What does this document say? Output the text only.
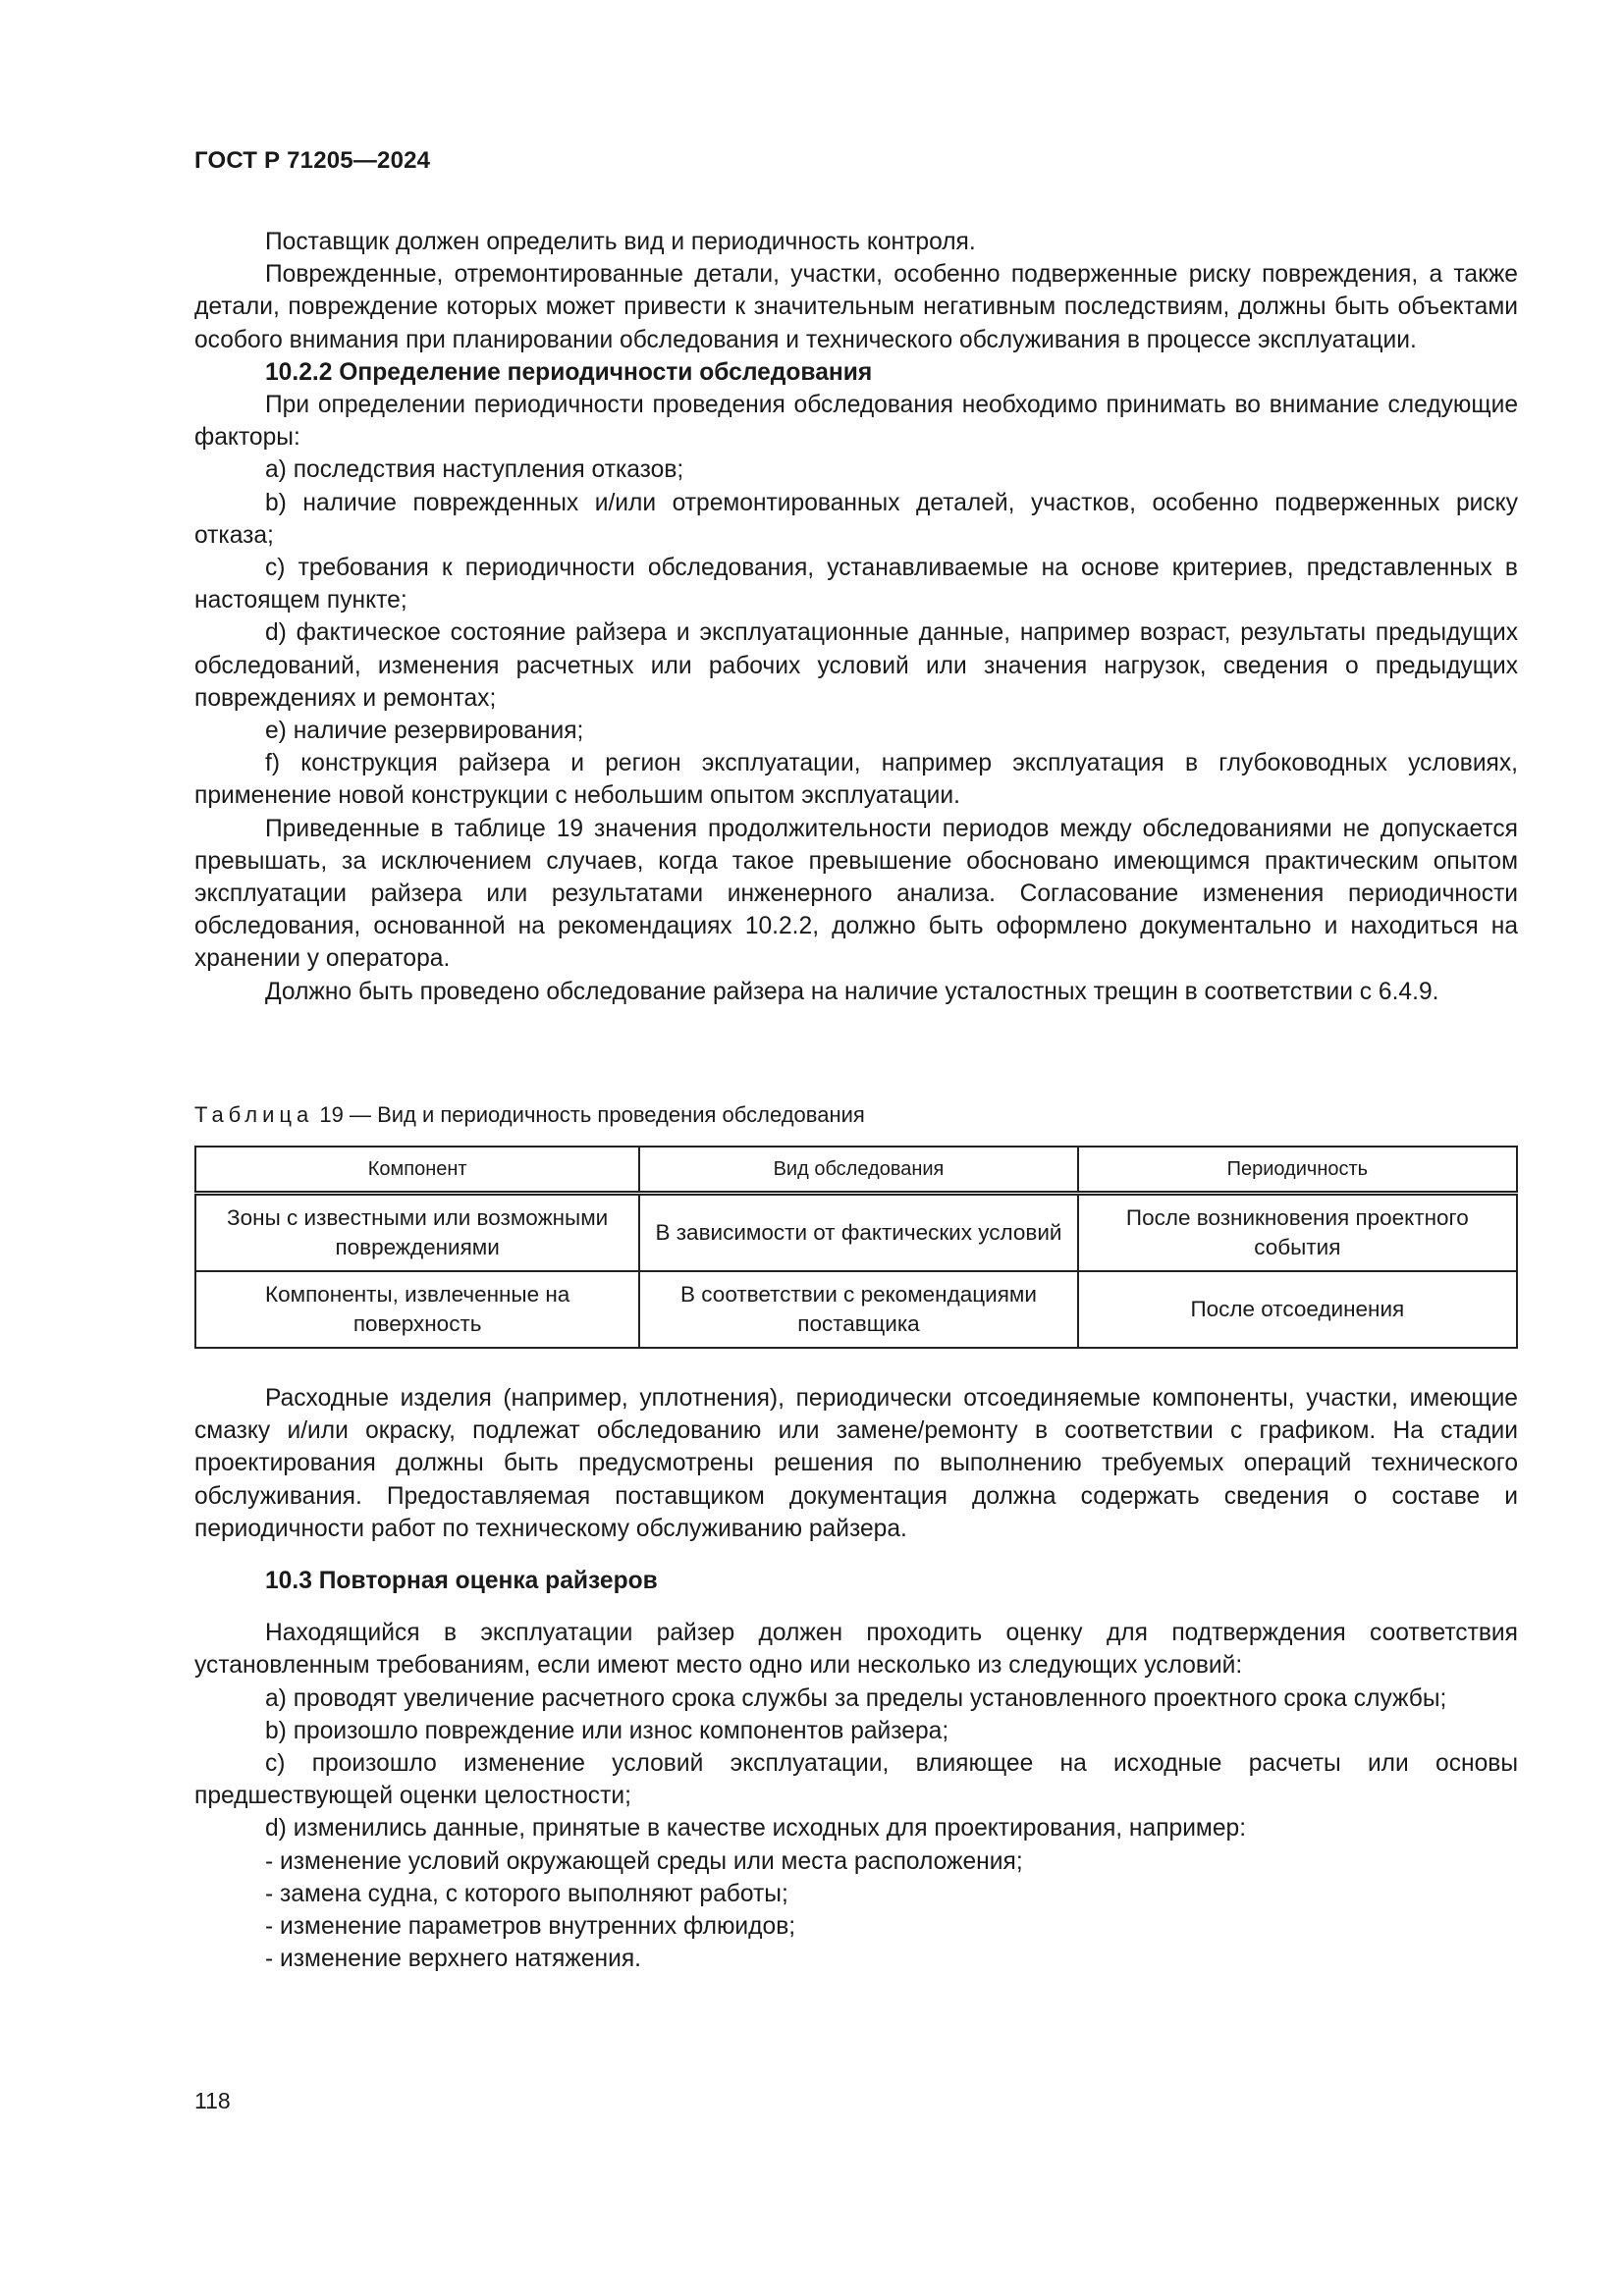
ГОСТ Р 71205—2024

Поставщик должен определить вид и периодичность контроля.

Поврежденные, отремонтированные детали, участки, особенно подверженные риску повреждения, а также детали, повреждение которых может привести к значительным негативным последствиям, должны быть объектами особого внимания при планировании обследования и технического обслуживания в процессе эксплуатации.

10.2.2 Определение периодичности обследования

При определении периодичности проведения обследования необходимо принимать во внимание следующие факторы:

a) последствия наступления отказов;

b) наличие поврежденных и/или отремонтированных деталей, участков, особенно подверженных риску отказа;

c) требования к периодичности обследования, устанавливаемые на основе критериев, представленных в настоящем пункте;

d) фактическое состояние райзера и эксплуатационные данные, например возраст, результаты предыдущих обследований, изменения расчетных или рабочих условий или значения нагрузок, сведения о предыдущих повреждениях и ремонтах;

e) наличие резервирования;

f) конструкция райзера и регион эксплуатации, например эксплуатация в глубоководных условиях, применение новой конструкции с небольшим опытом эксплуатации.

Приведенные в таблице 19 значения продолжительности периодов между обследованиями не допускается превышать, за исключением случаев, когда такое превышение обосновано имеющимся практическим опытом эксплуатации райзера или результатами инженерного анализа. Согласование изменения периодичности обследования, основанной на рекомендациях 10.2.2, должно быть оформлено документально и находиться на хранении у оператора.

Должно быть проведено обследование райзера на наличие усталостных трещин в соответствии с 6.4.9.

Таблица 19 — Вид и периодичность проведения обследования
Компонент	Вид обследования	Периодичность
Зоны с известными или возможными повреждениями	В зависимости от фактических условий	После возникновения проектного события
Компоненты, извлеченные на поверхность	В соответствии с рекомендациями поставщика	После отсоединения

Расходные изделия (например, уплотнения), периодически отсоединяемые компоненты, участки, имеющие смазку и/или окраску, подлежат обследованию или замене/ремонту в соответствии с графиком. На стадии проектирования должны быть предусмотрены решения по выполнению требуемых операций технического обслуживания. Предоставляемая поставщиком документация должна содержать сведения о составе и периодичности работ по техническому обслуживанию райзера.

10.3 Повторная оценка райзеров

Находящийся в эксплуатации райзер должен проходить оценку для подтверждения соответствия установленным требованиям, если имеют место одно или несколько из следующих условий:

a) проводят увеличение расчетного срока службы за пределы установленного проектного срока службы;

b) произошло повреждение или износ компонентов райзера;

c) произошло изменение условий эксплуатации, влияющее на исходные расчеты или основы предшествующей оценки целостности;

d) изменились данные, принятые в качестве исходных для проектирования, например:

- изменение условий окружающей среды или места расположения;

- замена судна, с которого выполняют работы;

- изменение параметров внутренних флюидов;

- изменение верхнего натяжения.

118
